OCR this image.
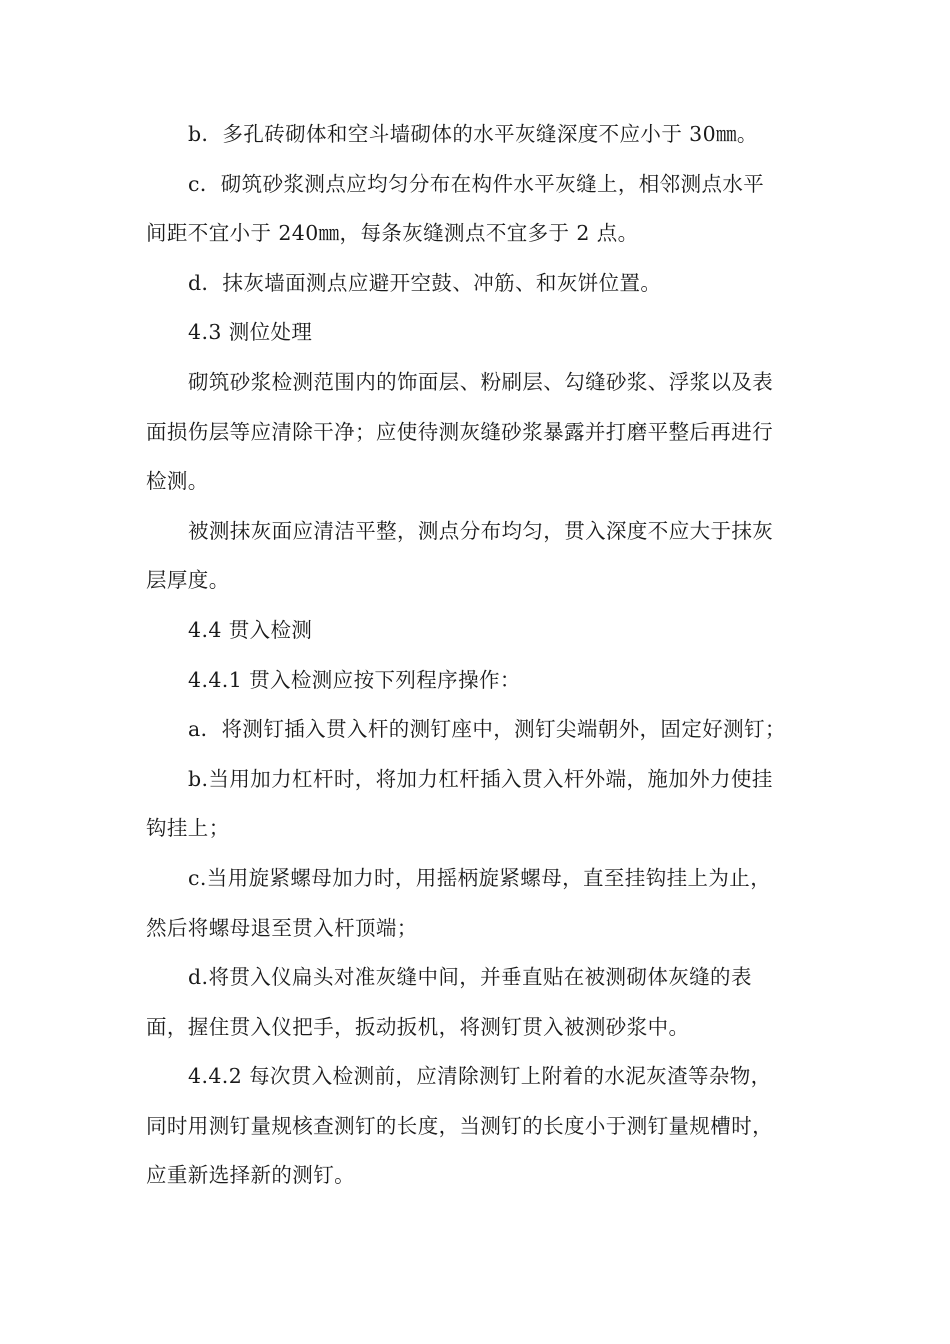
b．多孔砖砌体和空斗墙砌体的水平灰缝深度不应小于 30㎜。

c．砌筑砂浆测点应均匀分布在构件水平灰缝上，相邻测点水平
间距不宜小于 240㎜，每条灰缝测点不宜多于 2 点。

d．抹灰墙面测点应避开空鼓、冲筋、和灰饼位置。

4.3 测位处理

砌筑砂浆检测范围内的饰面层、粉刷层、勾缝砂浆、浮浆以及表
面损伤层等应清除干净；应使待测灰缝砂浆暴露并打磨平整后再进行
检测。

被测抹灰面应清洁平整，测点分布均匀，贯入深度不应大于抹灰
层厚度。

4.4 贯入检测

4.4.1 贯入检测应按下列程序操作：

a．将测钉插入贯入杆的测钉座中，测钉尖端朝外，固定好测钉；

b.当用加力杠杆时，将加力杠杆插入贯入杆外端，施加外力使挂
钩挂上；

c.当用旋紧螺母加力时，用摇柄旋紧螺母，直至挂钩挂上为止，
然后将螺母退至贯入杆顶端；

d.将贯入仪扁头对准灰缝中间，并垂直贴在被测砌体灰缝的表
面，握住贯入仪把手，扳动扳机，将测钉贯入被测砂浆中。

4.4.2 每次贯入检测前，应清除测钉上附着的水泥灰渣等杂物，
同时用测钉量规核查测钉的长度，当测钉的长度小于测钉量规槽时，
应重新选择新的测钉。
